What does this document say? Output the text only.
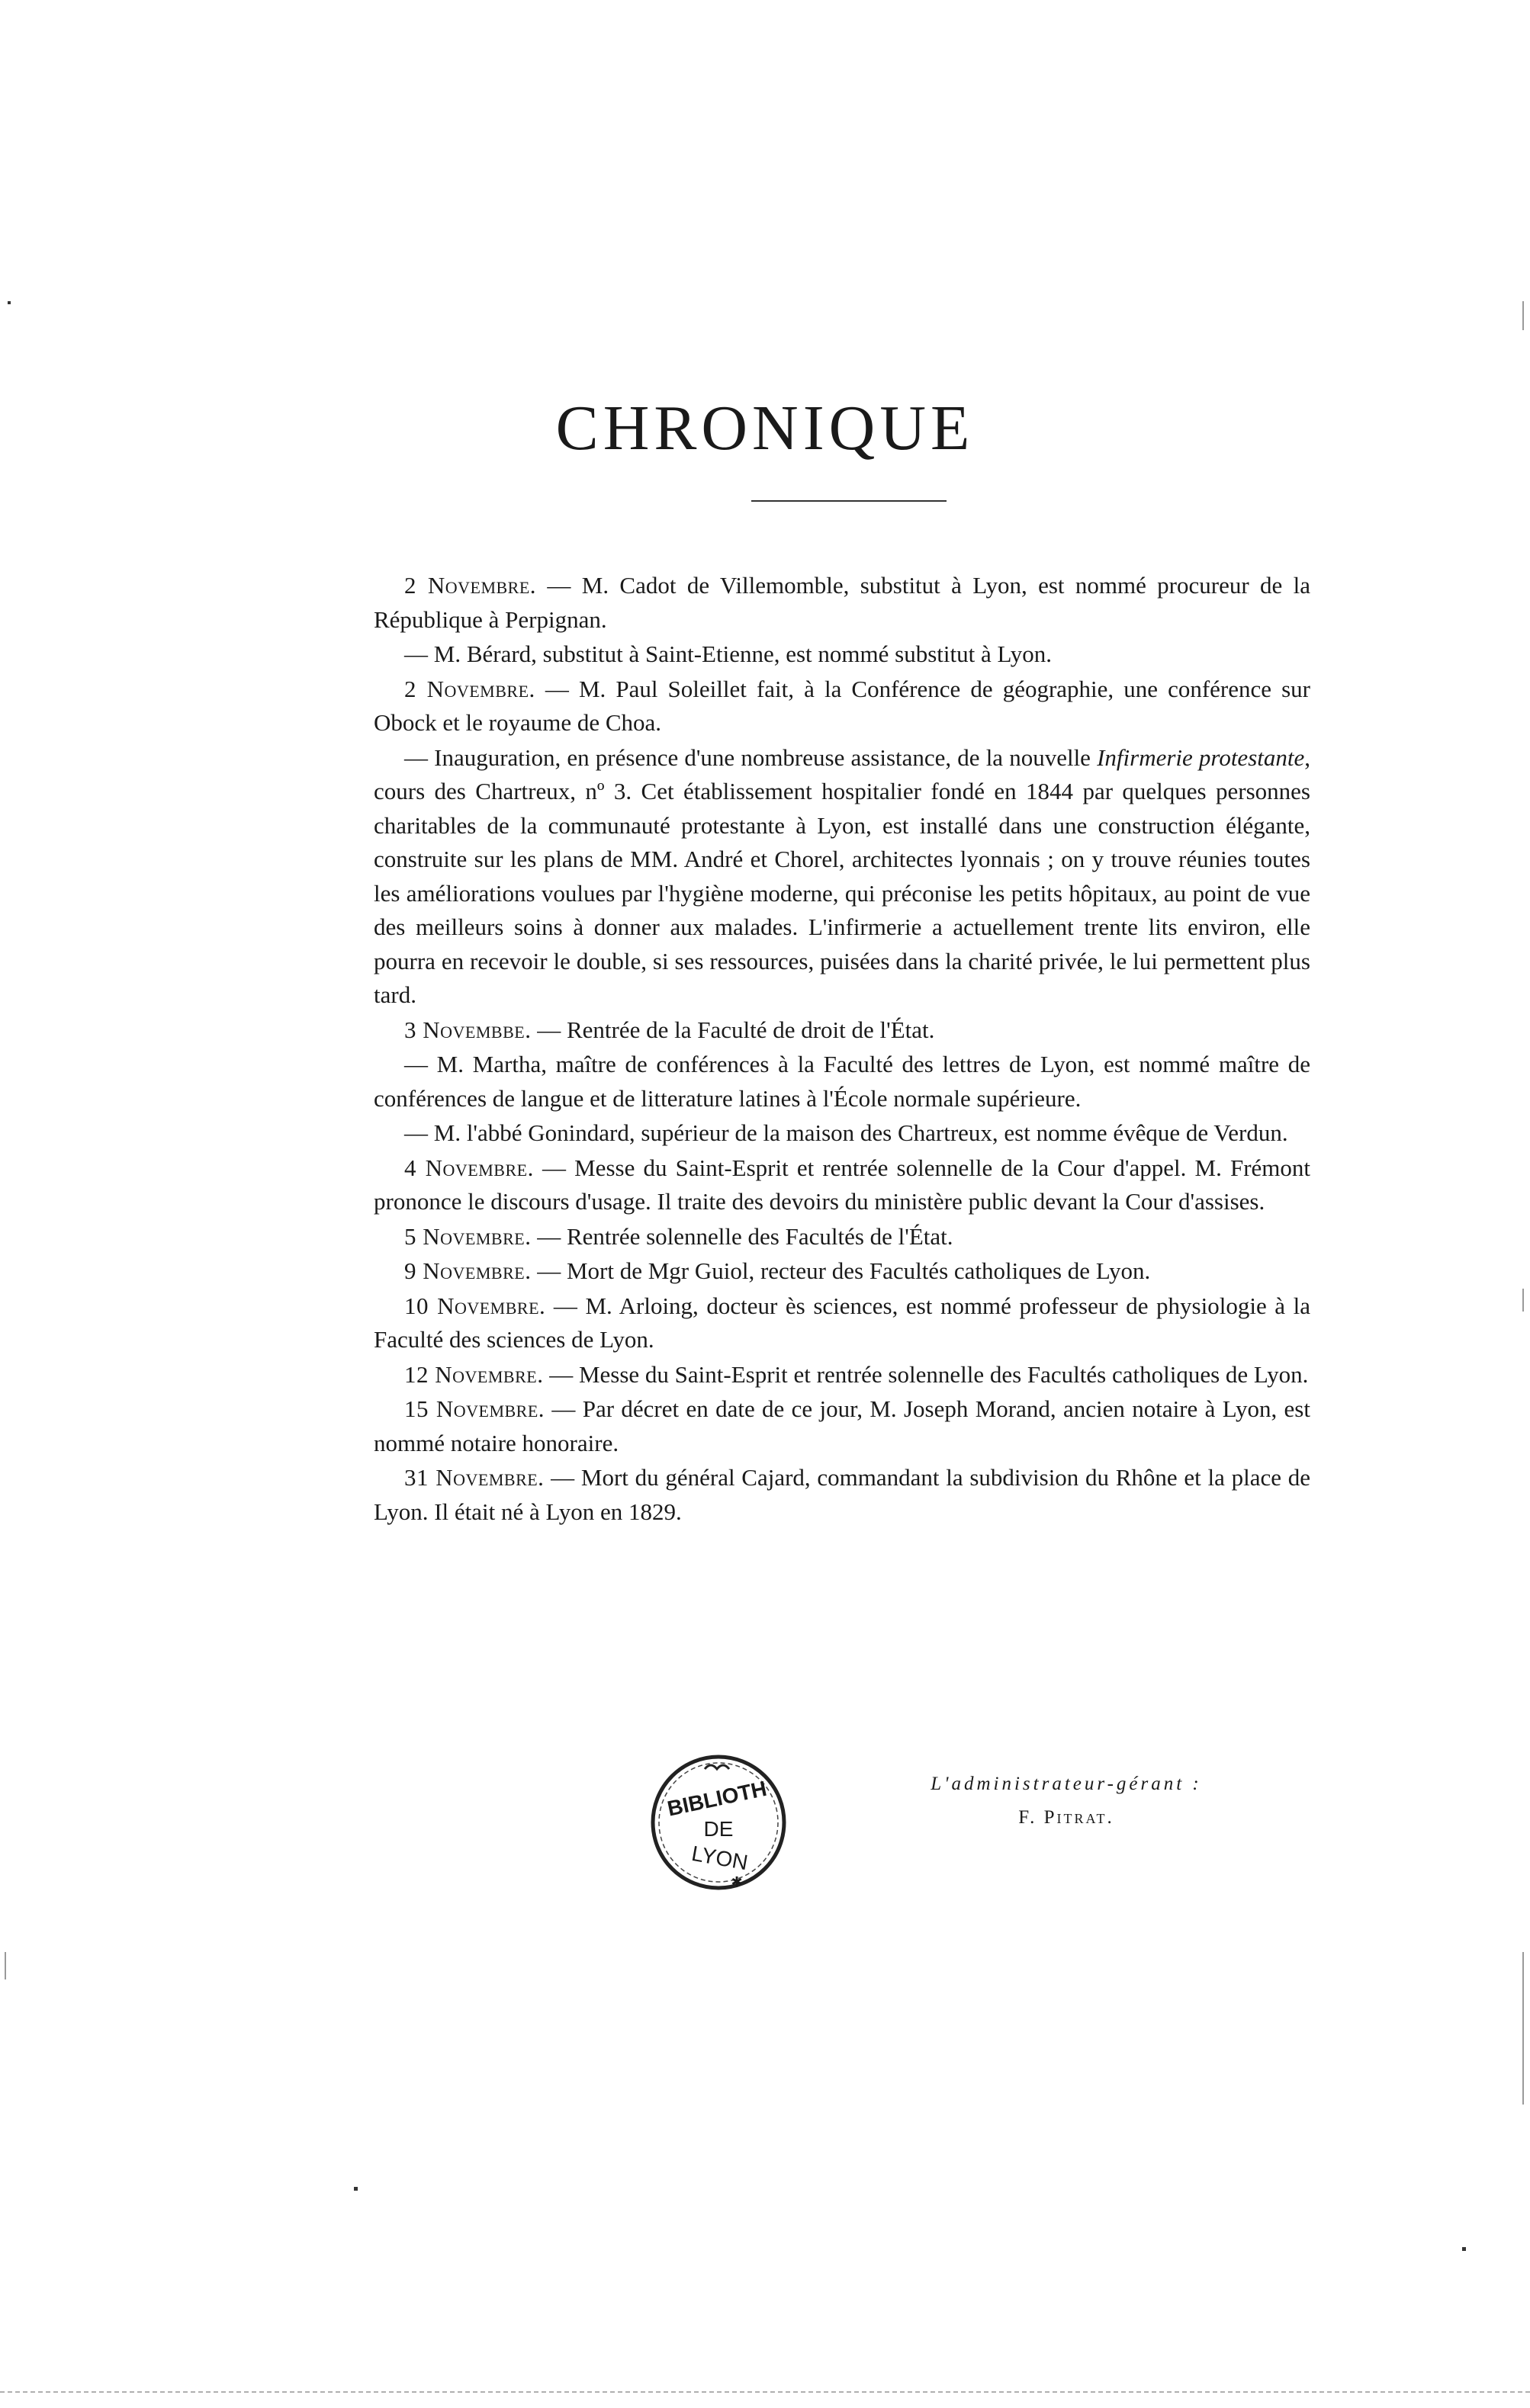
CHRONIQUE

2 Novembre. — M. Cadot de Villemomble, substitut à Lyon, est nommé procureur de la République à Perpignan.

— M. Bérard, substitut à Saint-Etienne, est nommé substitut à Lyon.

2 Novembre. — M. Paul Soleillet fait, à la Conférence de géographie, une conférence sur Obock et le royaume de Choa.

— Inauguration, en présence d'une nombreuse assistance, de la nouvelle Infirmerie protestante, cours des Chartreux, nº 3. Cet établissement hospitalier fondé en 1844 par quelques personnes charitables de la communauté protestante à Lyon, est installé dans une construction élégante, construite sur les plans de MM. André et Chorel, architectes lyonnais ; on y trouve réunies toutes les améliorations voulues par l'hygiène moderne, qui préconise les petits hôpitaux, au point de vue des meilleurs soins à donner aux malades. L'infirmerie a actuellement trente lits environ, elle pourra en recevoir le double, si ses ressources, puisées dans la charité privée, le lui permettent plus tard.

3 Novembbe. — Rentrée de la Faculté de droit de l'État.

— M. Martha, maître de conférences à la Faculté des lettres de Lyon, est nommé maître de conférences de langue et de litterature latines à l'École normale supérieure.

— M. l'abbé Gonindard, supérieur de la maison des Chartreux, est nomme évêque de Verdun.

4 Novembre. — Messe du Saint-Esprit et rentrée solennelle de la Cour d'appel. M. Frémont prononce le discours d'usage. Il traite des devoirs du ministère public devant la Cour d'assises.

5 Novembre. — Rentrée solennelle des Facultés de l'État.

9 Novembre. — Mort de Mgr Guiol, recteur des Facultés catholiques de Lyon.

10 Novembre. — M. Arloing, docteur ès sciences, est nommé professeur de physiologie à la Faculté des sciences de Lyon.

12 Novembre. — Messe du Saint-Esprit et rentrée solennelle des Facultés catholiques de Lyon.

15 Novembre. — Par décret en date de ce jour, M. Joseph Morand, ancien notaire à Lyon, est nommé notaire honoraire.

31 Novembre. — Mort du général Cajard, commandant la subdivision du Rhône et la place de Lyon. Il était né à Lyon en 1829.

BIBLIOTH
DE
LYON
✱
L'administrateur-gérant :
F. Pitrat.
